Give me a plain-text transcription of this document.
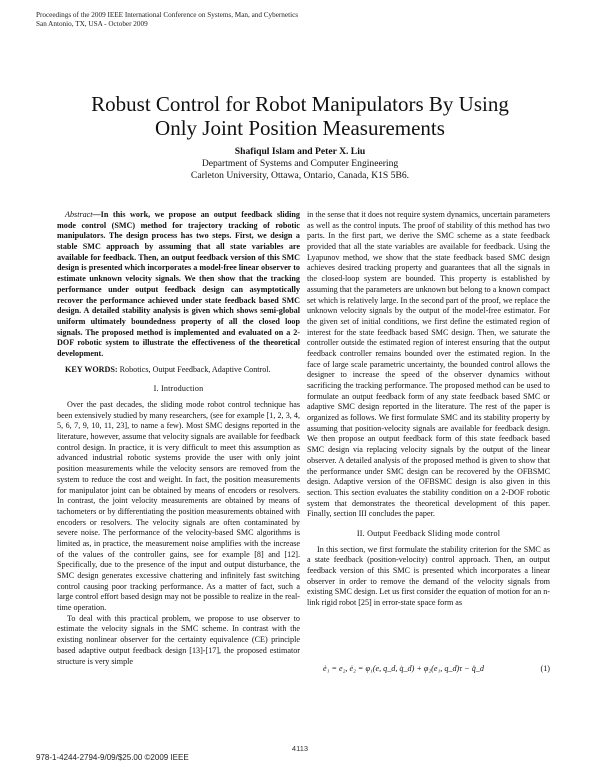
Proceedings of the 2009 IEEE International Conference on Systems, Man, and Cybernetics
San Antonio, TX, USA - October 2009
Robust Control for Robot Manipulators By Using
Only Joint Position Measurements
Shafiqul Islam and Peter X. Liu
Department of Systems and Computer Engineering
Carleton University, Ottawa, Ontario, Canada, K1S 5B6.

Abstract—In this work, we propose an output feedback sliding mode control (SMC) method for trajectory tracking of robotic manipulators. The design process has two steps. First, we design a stable SMC approach by assuming that all state variables are available for feedback. Then, an output feedback version of this SMC design is presented which incorporates a model-free linear observer to estimate unknown velocity signals. We then show that the tracking performance under output feedback design can asymptotically recover the performance achieved under state feedback based SMC design. A detailed stability analysis is given which shows semi-global uniform ultimately boundedness property of all the closed loop signals. The proposed method is implemented and evaluated on a 2-DOF robotic system to illustrate the effectiveness of the theoretical development.

KEY WORDS: Robotics, Output Feedback, Adaptive Control.

I. Introduction

Over the past decades, the sliding mode robot control technique has been extensively studied by many researchers, (see for example [1, 2, 3, 4, 5, 6, 7, 9, 10, 11, 23], to name a few). Most SMC designs reported in the literature, however, assume that velocity signals are available for feedback control design. In practice, it is very difficult to meet this assumption as advanced industrial robotic systems provide the user with only joint position measurements while the velocity sensors are removed from the system to reduce the cost and weight. In fact, the position measurements for manipulator joint can be obtained by means of encoders or resolvers. In contrast, the joint velocity measurements are obtained by means of tachometers or by differentiating the position measurements obtained with encoders or resolvers. The velocity signals are often contaminated by severe noise. The performance of the velocity-based SMC algorithms is limited as, in practice, the measurement noise amplifies with the increase of the values of the controller gains, see for example [8] and [12]. Specifically, due to the presence of the input and output disturbance, the SMC design generates excessive chattering and infinitely fast switching control causing poor tracking performance. As a matter of fact, such a large control effort based design may not be possible to realize in the real-time operation.

To deal with this practical problem, we propose to use observer to estimate the velocity signals in the SMC scheme. In contrast with the existing nonlinear observer for the certainty equivalence (CE) principle based adaptive output feedback design [13]-[17], the proposed estimator structure is very simple

in the sense that it does not require system dynamics, uncertain parameters as well as the control inputs. The proof of stability of this method has two parts. In the first part, we derive the SMC scheme as a state feedback provided that all the state variables are available for feedback. Using the Lyapunov method, we show that the state feedback based SMC design achieves desired tracking property and guarantees that all the signals in the closed-loop system are bounded. This property is established by assuming that the parameters are unknown but belong to a known compact set which is relatively large. In the second part of the proof, we replace the unknown velocity signals by the output of the model-free estimator. For the given set of initial conditions, we first define the estimated region of interest for the state feedback based SMC design. Then, we saturate the controller outside the estimated region of interest ensuring that the output feedback controller remains bounded over the estimated region. In the face of large scale parametric uncertainty, the bounded control allows the designer to increase the speed of the observer dynamics without sacrificing the tracking performance. The proposed method can be used to formulate an output feedback form of any state feedback based SMC or adaptive SMC design reported in the literature. The rest of the paper is organized as follows. We first formulate SMC and its stability property by assuming that position-velocity signals are available for feedback design. We then propose an output feedback form of this state feedback based SMC design via replacing velocity signals by the output of the linear observer. A detailed analysis of the proposed method is given to show that the performance under SMC design can be recovered by the OFBSMC design. Adaptive version of the OFBSMC design is also given in this section. This section evaluates the stability condition on a 2-DOF robotic system that demonstrates the theoretical development of this paper. Finally, section III concludes the paper.

II. Output Feedback Sliding mode control

In this section, we first formulate the stability criterion for the SMC as a state feedback (position-velocity) control approach. Then, an output feedback version of this SMC is presented which incorporates a linear observer in order to remove the demand of the velocity signals from existing SMC design. Let us first consider the equation of motion for an n-link rigid robot [25] in error-state space form as

ė₁ = e₂, ė₂ = φ₁(e, q_d, q̇_d) + φ₂(e₁, q_d)τ − q̈_d	(1)
4113
978-1-4244-2794-9/09/$25.00 ©2009 IEEE
